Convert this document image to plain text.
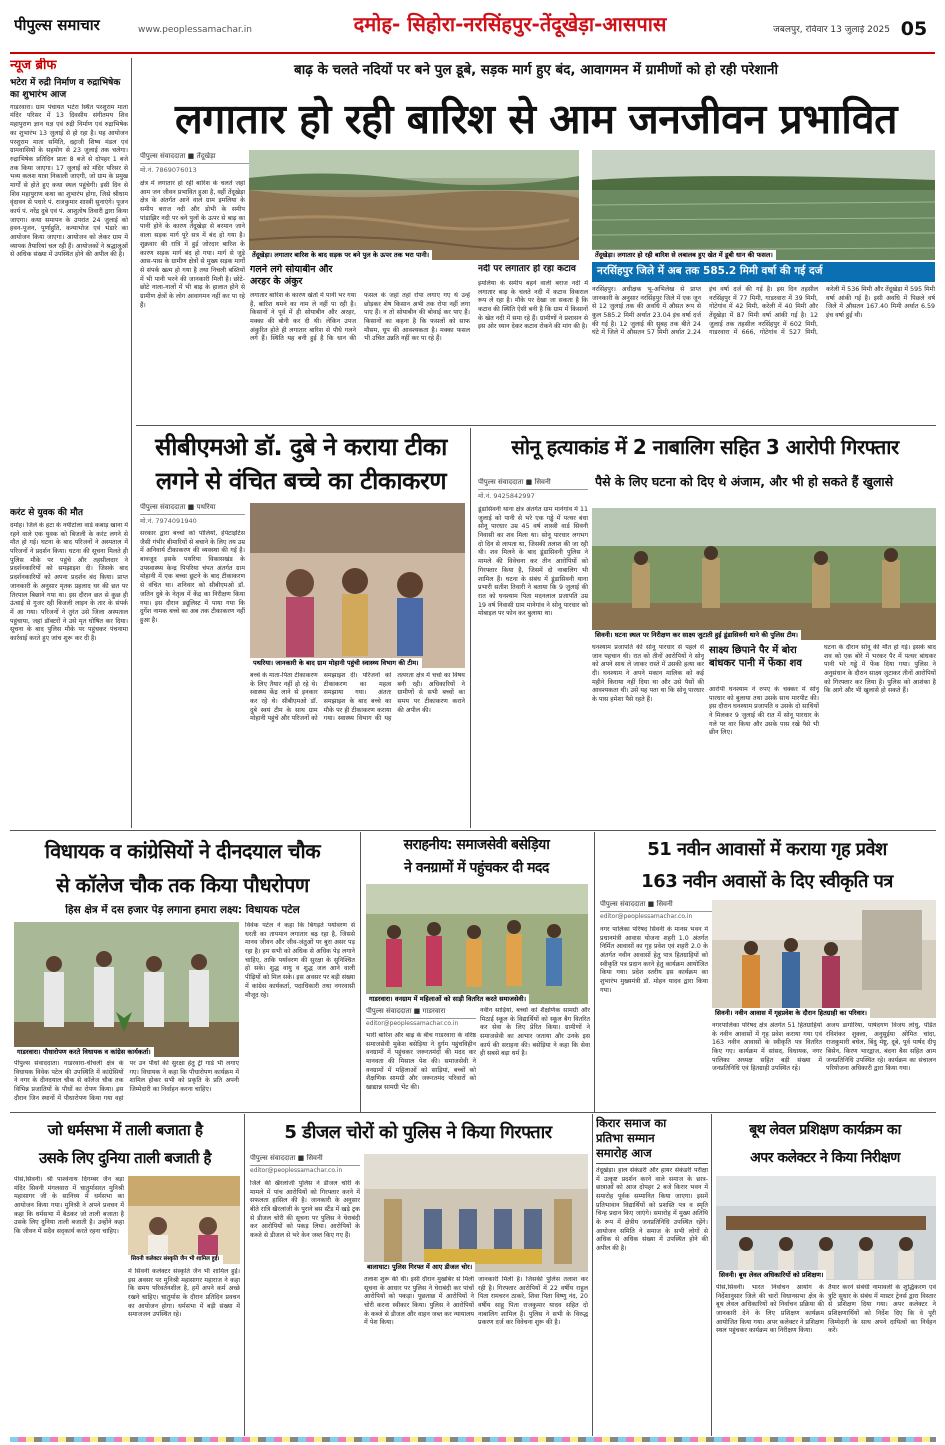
पीपुल्स समाचार	www.peoplessamachar.in	दमोह- सिहोरा-नरसिंहपुर-तेंदूखेड़ा-आसपास	जबलपुर, रविवार 13 जुलाई 2025 05
न्यूज ब्रीफ
भटेरा में रुद्री निर्माण व रुद्राभिषेक का शुभारंभ आज
गाडरवारा। ग्राम पंचायत भटेरा स्थित परशुराम माता मंदिर परिसर में 13 दिवसीय संगीतमय शिव महापुराण ज्ञान यज्ञ एवं रुद्री निर्माण एवं रुद्राभिषेक का शुभारंभ 13 जुलाई से हो रहा है। यह आयोजन परशुराम माता समिति, दद्दाजी शिष्य मंडल एवं ग्रामवासियों के सहयोग से 23 जुलाई तक चलेगा। रुद्राभिषेक प्रतिदिन प्रातः 8 बजे से दोपहर 1 बजे तक किया जाएगा। 17 जुलाई को मंदिर परिसर से भव्य कलश यात्रा निकाली जाएगी, जो ग्राम के प्रमुख मार्गों से होते हुए कथा स्थल पहुंचेगी। इसी दिन से शिव महापुराण कथा का शुभारंभ होगा, जिसे श्रीधाम वृंदावन से पधारे पं. राजकुमार शास्त्री सुनाएंगे। पूजन कार्य पं. नरेंद्र दुबे एवं पं. आशुतोष तिवारी द्वारा किया जाएगा। कथा समापन के उपरांत 24 जुलाई को हवन-पूजन, पूर्णाहुति, कन्याभोज एवं भंडारे का आयोजन किया जाएगा। आयोजन को लेकर ग्राम में व्यापक तैयारियां चल रही हैं। आयोजकों ने श्रद्धालुओं से अधिक संख्या में उपस्थित होने की अपील की है।
करंट से युवक की मौत
दमोह। जिले के हटा के नयीटोला वार्ड कबाड़ खाना में रहने वाले एक युवक को बिजली के करंट लगने से मौत हो गई। घटना के बाद परिजनों ने अस्पताल में परिजनों ने प्रदर्शन किया। घटना की सूचना मिलते ही पुलिस मौके पर पहुंचे और तहसीलदार ने प्रदर्शनकारियों को समझाइश दी। जिसके बाद प्रदर्शनकारियों को अपना प्रदर्शन बंद किया। प्राप्त जानकारी के अनुसार मृतक प्रहलाद घर की छत पर तिरपाल बिछाने गया था। इस दौरान छत से कुछ ही ऊंचाई से गुजर रही बिजली लाइन के तार के संपर्क में आ गया। परिजनों ने तुरंत उसे जिला अस्पताल पहुंचाया, जहां डॉक्टरों ने उसे मृत घोषित कर दिया। सूचना के बाद पुलिस मौके पर पहुंचकर पंचनामा कार्रवाई करते हुए जांच शुरू कर दी है।
बाढ़ के चलते नदियों पर बने पुल डूबे, सड़क मार्ग हुए बंद, आवागमन में ग्रामीणों को हो रही परेशानी
लगातार हो रही बारिश से आम जनजीवन प्रभावित
पीपुल्स संवाददाता ■ तेंदूखेड़ा
मो.नं. 7869076013
तेंदूखेड़ा। लगातार बारिश के बाद सड़क पर बने पुल के ऊपर तक भरा पानी।	तेंदूखेड़ा। लगातार हो रही बारिश से लबालब हुए खेत में डूबी धान की फसल।
क्षेत्र में लगातार हो रही बारिश के चलते जहां आम जन जीवन प्रभावित हुआ है, वहीं तेंदूखेड़ा क्षेत्र के अंतर्गत आने वाले ग्राम इमलिया के समीप बराज नदी और डोभी के समीप पांडाझिर नदी पर बने पुलों के ऊपर से बाढ़ का पानी होने के कारण तेंदूखेड़ा से बरमान जाने वाला सड़क मार्ग पूरे सत्र में बंद हो गया है। शुक्रवार की रात्रि में हुई जोरदार बारिश के कारण सड़क मार्ग बंद हो गया। मार्ग से जुड़े आस-पास के ग्रामीण क्षेत्रों से मुख्य सड़क मार्गों से संपर्क खत्म हो गया है तथा निचली बस्तियों में भी पानी भरने की जानकारी मिली है। छोटे-छोटे नाला-नालों में भी बाढ़ के हालात होने से ग्रामीण क्षेत्रों के लोग आवागमन नहीं कर पा रहे हैं।
गलने लगे सोयाबीन और अरहर के अंकुर
लगातार बारिश के कारण खेतों में पानी भर गया है, बारिश थमने का नाम ले नहीं पा रही है। किसानों ने पूर्व में ही सोयाबीन और अरहर, मक्का की बोनी कर दी थी। लेकिन उपज अंकुरित होते ही लगातार बारिश से पौधे गलने लगे हैं। स्थिति यह बनी हुई है कि धान की फसल के जहां तहां रोपा लगाए गए थे उन्हें छोड़कर शेष किसान अभी तक रोपा नहीं लगा पाए हैं। न तो सोयाबीन की बोवाई कर पाए हैं। किसानों का कहना है कि फसलों को साफ मौसम, धूप की आवश्यकता है। मक्का फसल भी उचित उन्नति नहीं कर पा रहे हैं।
नदी पर लगातार हो रहा कटाव
इमलिया के समीप बहने वाली बराज नदी में लगातार बाढ़ के चलते नदी में कटाव विकराल रूप ले रहा है। मौके पर देखा जा सकता है कि कटाव की स्थिति ऐसी बनी है कि ग्राम में किसानों के खेत नदी में समा रहे हैं। ग्रामीणों ने प्रशासन से इस ओर ध्यान देकर कटाव रोकने की मांग की है।
नरसिंहपुर जिले में अब तक 585.2 मिमी वर्षा की गई दर्ज
नरसिंहपुर। अधीक्षक भू-अभिलेख से प्राप्त जानकारी के अनुसार नरसिंहपुर जिले में एक जून से 12 जुलाई तक की अवधि में औसत रूप से कुल 585.2 मिमी अर्थात 23.04 इंच वर्षा दर्ज की गई है। 12 जुलाई की सुबह तक बीते 24 घंटे में जिले में औसतन 57 मिमी अर्थात 2.24 इंच वर्षा दर्ज की गई है। इस दिन तहसील नरसिंहपुर में 77 मिमी, गाडरवारा में 39 मिमी, गोटेगांव में 42 मिमी, करेली में 40 मिमी और तेंदूखेड़ा में 87 मिमी वर्षा आंकी गई है। 12 जुलाई तक तहसील नरसिंहपुर में 602 मिमी, गाडरवारा में 666, गोटेगांव में 527 मिमी, करेली में 536 मिमी और तेंदूखेड़ा में 595 मिमी वर्षा आंकी गई है। इसी अवधि में पिछले वर्ष जिले में औसतन 167.40 मिमी अर्थात 6.59 इंच वर्षा हुई थी।
सीबीएमओ डॉ. दुबे ने कराया टीका
लगने से वंचित बच्चे का टीकाकरण
पीपुल्स संवाददाता ■ पथरिया
मो.नं. 7974091940
सरकार द्वारा बच्चों को पोलियो, हेपेटाइटिस जैसी गंभीर बीमारियों से बचाने के लिए तय उम्र में अनिवार्य टीकाकरण की व्यवस्था की गई है। बावजूद इसके पथरिया विकासखंड के उपस्वास्थ्य केन्द्र पिपरिया चंपत अंतर्गत ग्राम मोहानी में एक बच्चा छूटने के बाद टीकाकरण से वंचित था। शनिवार को सीबीएमओ डॉ. जतिन दुबे के नेतृत्व में केंद्र का निरीक्षण किया गया। इस दौरान ड्यूलिस्ट में पाया गया कि दुर्गेश नामक बच्चे का अब तक टीकाकरण नहीं हुआ है।
पथरिया। जानकारी के बाद ग्राम मोहानी पहुंची स्वास्थ्य विभाग की टीम।
बच्चे के माता-पिता टीकाकरण के लिए तैयार नहीं हो रहे थे। स्वास्थ्य केंद्र लाने से इनकार कर रहे थे। सीबीएमओ डॉ. दुबे स्वयं टीम के साथ ग्राम मोहानी पहुंचे और परिजनों को समझाइश दी। परिजनों को टीकाकरण का महत्व समझाया गया। अंततः समझाइश के बाद बच्चे का मौके पर ही टीकाकरण कराया गया। स्वास्थ्य विभाग की यह तत्परता क्षेत्र में चर्चा का विषय बनी रही। अधिकारियों ने ग्रामीणों से सभी बच्चों का समय पर टीकाकरण कराने की अपील की।
सोनू हत्याकांड में 2 नाबालिग सहित 3 आरोपी गिरफ्तार
पीपुल्स संवाददाता ■ सिवनी
मो.नं. 9425842997
पैसे के लिए घटना को दिए थे अंजाम, और भी हो सकते हैं खुलासे
डूंडासिवनी थाना क्षेत्र अंतर्गत ग्राम मानेगांव में 11 जुलाई को पानी से भरे एक गड्ढे में पत्थर बंधा सोनू पारधार उम्र 45 वर्ष शास्त्री वार्ड सिवनी निवासी का शव मिला था। सोनू पारधार लगभग दो दिन से लापता था, जिसकी तलाश की जा रही थी। शव मिलने के बाद डूंडासिवनी पुलिस ने मामले की विवेचना कर तीन आरोपियों को गिरफ्तार किया है, जिसमें दो नाबालिग भी शामिल हैं। घटना के संबंध में डूंडासिवनी थाना प्रभारी सतीश तिवारी ने बताया कि 9 जुलाई की रात को घनश्याम पिता मदनलाल प्रजापति उम्र 19 वर्ष निवासी ग्राम मानेगांव ने सोनू पारधार को मोबाइल पर फोन कर बुलाया था।
सिवनी। घटना स्थल पर निरीक्षण कर साक्ष्य जुटाती हुई डूंडासिवनी थाने की पुलिस टीम।
घनश्याम प्रजापति की सोनू पारधार से पहले से जान पहचान थी। रात को तीनों आरोपियों ने सोनू को अपने साथ ले जाकर रास्ते में उसकी हत्या कर दी। घनश्याम ने अपने मकान मालिक को कई महीने किराया नहीं दिया था और उसे पैसों की आवश्यकता थी। उसे यह पता था कि सोनू पारधार के पास हमेशा पैसे रहते हैं।
साक्ष्य छिपाने पैर में बोरा बांधकर पानी में फेंका शव
आरोपी घनश्याम ने रुपए के चक्कर में सोनू पारधार को बुलाया तथा उसके साथ मारपीट की। इस दौरान घनश्याम प्रजापति व उसके दो साथियों ने मिलकर 9 जुलाई की रात में सोनू पारधार के गले पर वार किया और उसके पास रखे पैसे भी छीन लिए।
घटना के दौरान सोनू की मौत हो गई। इसके बाद शव को एक बोरे में भरकर पैर में पत्थर बांधकर पानी भरे गड्ढे में फेंक दिया गया। पुलिस ने अनुसंधान के दौरान साक्ष्य जुटाकर तीनों आरोपियों को गिरफ्तार कर लिया है। पुलिस को आशंका है कि आगे और भी खुलासे हो सकते हैं।
विधायक व कांग्रेसियों ने दीनदयाल चौक
से कॉलेज चौक तक किया पौधरोपण
हिस क्षेत्र में दस हजार पेड़ लगाना हमारा लक्ष्य: विधायक पटेल
गाडरवारा। पौधारोपण करते विधायक व कांग्रेस कार्यकर्ता।
पीपुल्स संवाददाता। गाडरवारा-चीचली क्षेत्र के विधायक विवेक पटेल की उपस्थिति में कांग्रेसियों ने नगर के दीनदयाल चौक से कॉलेज चौक तक विभिन्न प्रजातियों के पौधों का रोपण किया। इस दौरान जिन स्थानों में पौधारोपण किया गया वहां पर उन पौधों की सुरक्षा हेतु ट्री गार्ड भी लगाए गए। विधायक ने कहा कि पौधारोपण कार्यक्रम में शामिल होकर सभी को प्रकृति के प्रति अपनी जिम्मेदारी का निर्वाहन करना चाहिए।
विवेक पटेल ने कहा कि बिगड़ते पर्यावरण से धरती का तापमान लगातार बढ़ रहा है, जिससे मानव जीवन और जीव-जंतुओं पर बुरा असर पड़ रहा है। हम सभी को अधिक से अधिक पेड़ लगाने चाहिए, ताकि पर्यावरण की सुरक्षा के सुनिश्चित हो सके। शुद्ध वायु व शुद्ध जल आने वाली पीढ़ियों को मिल सके। इस अवसर पर बड़ी संख्या में कांग्रेस कार्यकर्ता, पदाधिकारी तथा नगरवासी मौजूद रहे।
सराहनीय: समाजसेवी बसेड़िया
ने वनग्रामों में पहुंचकर दी मदद
गाडरवारा। वनग्राम में महिलाओं को साड़ी वितरित करते समाजसेवी।
पीपुल्स संवाददाता ■ गाडरवारा
editor@peoplessamachar.co.in
भारी बारिश और बाढ़ के बीच गाडरवारा के वरिष्ठ समाजसेवी मुकेश बसेड़िया ने दुर्गम पहुंचविहीन वनग्रामों में पहुंचकर जरूरतमंदों की मदद कर मानवता की मिसाल पेश की। समाजसेवी ने वनग्रामों में महिलाओं को साड़ियां, बच्चों को शैक्षणिक सामग्री और जरूरतमंद परिवारों को खाद्यान्न सामग्री भेंट की।
नवीन साड़ियां, बच्चों को शैक्षणिक सामग्री और मिठाई स्कूल के विद्यार्थियों को स्कूल बैग वितरित कर सेवा के लिए प्रेरित किया। ग्रामीणों ने समाजसेवी का आभार जताया और उनके इस कार्य की सराहना की। बसेड़िया ने कहा कि सेवा ही सबसे बड़ा धर्म है।
51 नवीन आवासों में कराया गृह प्रवेश
163 नवीन अवासों के दिए स्वीकृति पत्र
पीपुल्स संवाददाता ■ सिवनी
editor@peoplessamachar.co.in
नगर पालिका परिषद सिवनी के मानस भवन में प्रधानमंत्री आवास योजना शहरी 1.0 अंतर्गत निर्मित आवासों का गृह प्रवेश एवं शहरी 2.0 के अंतर्गत नवीन आवासों हेतु पात्र हितग्राहियों को स्वीकृति पत्र प्रदान करने हेतु कार्यक्रम आयोजित किया गया। प्रदेश स्तरीय इस कार्यक्रम का शुभारंभ मुख्यमंत्री डॉ. मोहन यादव द्वारा किया गया।
सिवनी। नवीन आवास में गृहप्रवेश के दौरान हितग्राही का परिवार।
नगरपालिका परिषद क्षेत्र अंतर्गत 51 हितग्राहियों के नवीन आवासों में गृह प्रवेश कराया गया एवं 163 नवीन आवासों के स्वीकृति पत्र वितरित किए गए। कार्यक्रम में सांसद, विधायक, नगर पालिका अध्यक्ष सहित बड़ी संख्या में जनप्रतिनिधि एवं हितग्राही उपस्थित रहे।
अजय डागोरिया, पार्षदगण विजय लोधु, पंडित रविशंकर शुक्ला, अनुसुईया ओमित चांदा, राजकुमारी बघेल, बिंदु मेष्टू, दूबे, पूर्व पार्षद दीपू बिसेन, किरण भारद्वाज, बंदना बैस सहित आम जनप्रतिनिधि उपस्थित रहे। कार्यक्रम का संचालन परियोजना अधिकारी द्वारा किया गया।
जो धर्मसभा में ताली बजाता है
उसके लिए दुनिया ताली बजाती है
पीसं,सिवनी। श्री पार्श्वनाथ दिगम्बर जैन बड़ा मंदिर सिवनी मंगलवारा में चातुर्मासरत मुनिश्री महासागर जी के सानिध्य में धर्मसभा का आयोजन किया गया। मुनिश्री ने अपने प्रवचन में कहा कि धर्मसभा में बैठकर जो ताली बजाता है उसके लिए दुनिया ताली बजाती है। उन्होंने कहा कि जीवन में सदैव सद्कार्य करते रहना चाहिए।
सिवनी कलेक्टर संस्कृति जैन भी शामिल हुईं।
में सिवनी कलेक्टर संस्कृति जैन भी शामिल हुईं। इस अवसर पर मुनिश्री महासागर महाराज ने कहा कि समय परिवर्तनशील है, हमें अपने कर्म अच्छे रखने चाहिए। चातुर्मास के दौरान प्रतिदिन प्रवचन का आयोजन होगा। धर्मसभा में बड़ी संख्या में समाजजन उपस्थित रहे।
5 डीजल चोरों को पुलिस ने किया गिरफ्तार
पीपुल्स संवाददाता ■ सिवनी
editor@peoplessamachar.co.in
जिले की खैरलांजी पुलिस ने डीजल चोरी के मामले में पांच आरोपियों को गिरफ्तार करने में सफलता हासिल की है। जानकारी के अनुसार बीते रात्रि खैरलांजी के पुराने बस स्टैंड में खड़े ट्रक से डीजल चोरी की सूचना पर पुलिस ने घेराबंदी कर आरोपियों को पकड़ लिया। आरोपियों के कब्जे से डीजल से भरे केन जब्त किए गए हैं।
बालाघाट। पुलिस गिरफ्त में आए डीजल चोर।
तलाश शुरू की थी। इसी दौरान मुखबिर से मिली सूचना के आधार पर पुलिस ने घेराबंदी कर पांचों आरोपियों को पकड़ा। पूछताछ में आरोपियों ने चोरी करना स्वीकार किया। पुलिस ने आरोपियों के कब्जे से डीजल और वाहन जब्त कर न्यायालय में पेश किया।
जानकारी मिली है। जिसकी पुलिस तलाश कर रही है। गिरफ्तार आरोपियों में 22 वर्षीय राहुल पिता रामचरन ठाकरे, शिवा पिता विष्णु नंद, 20 वर्षीय साहू पिता राजकुमार यादव सहित दो नाबालिग शामिल हैं। पुलिस ने सभी के विरुद्ध प्रकरण दर्ज कर विवेचना शुरू की है।
किरार समाज का
प्रतिभा सम्मान
समारोह आज
तेंदूखेड़ा। हाल सेकंडरी और हायर सेकंडरी परीक्षा में उत्कृष्ट प्रदर्शन करने वाले समाज के छात्र-छात्राओं को आज दोपहर 2 बजे किरार भवन में समारोह पूर्वक सम्मानित किया जाएगा। इसमें प्रतिभावान विद्यार्थियों को प्रशस्ति पत्र व स्मृति चिन्ह प्रदान किए जाएंगे। समारोह में मुख्य अतिथि के रूप में क्षेत्रीय जनप्रतिनिधि उपस्थित रहेंगे। आयोजन समिति ने समाज के सभी लोगों से अधिक से अधिक संख्या में उपस्थित होने की अपील की है।
बूथ लेवल प्रशिक्षण कार्यक्रम का
अपर कलेक्टर ने किया निरीक्षण
सिवनी। बूथ लेवल अधिकारियों को प्रशिक्षण।
पीसं,सिवनी। भारत निर्वाचन आयोग के निर्देशानुसार जिले की चारों विधानसभा क्षेत्र के बूथ लेवल अधिकारियों को निर्वाचन प्रक्रिया की जानकारी देने के लिए प्रशिक्षण कार्यक्रम आयोजित किया गया। अपर कलेक्टर ने प्रशिक्षण स्थल पहुंचकर कार्यक्रम का निरीक्षण किया।
तैयार करने संबंधी नामावली के शुद्धिकरण एवं त्रुटि सुधार के संबंध में मास्टर ट्रेनर्स द्वारा विस्तार से प्रशिक्षण दिया गया। अपर कलेक्टर ने प्रशिक्षणार्थियों को निर्देश दिए कि वे पूरी जिम्मेदारी के साथ अपने दायित्वों का निर्वहन करें।
